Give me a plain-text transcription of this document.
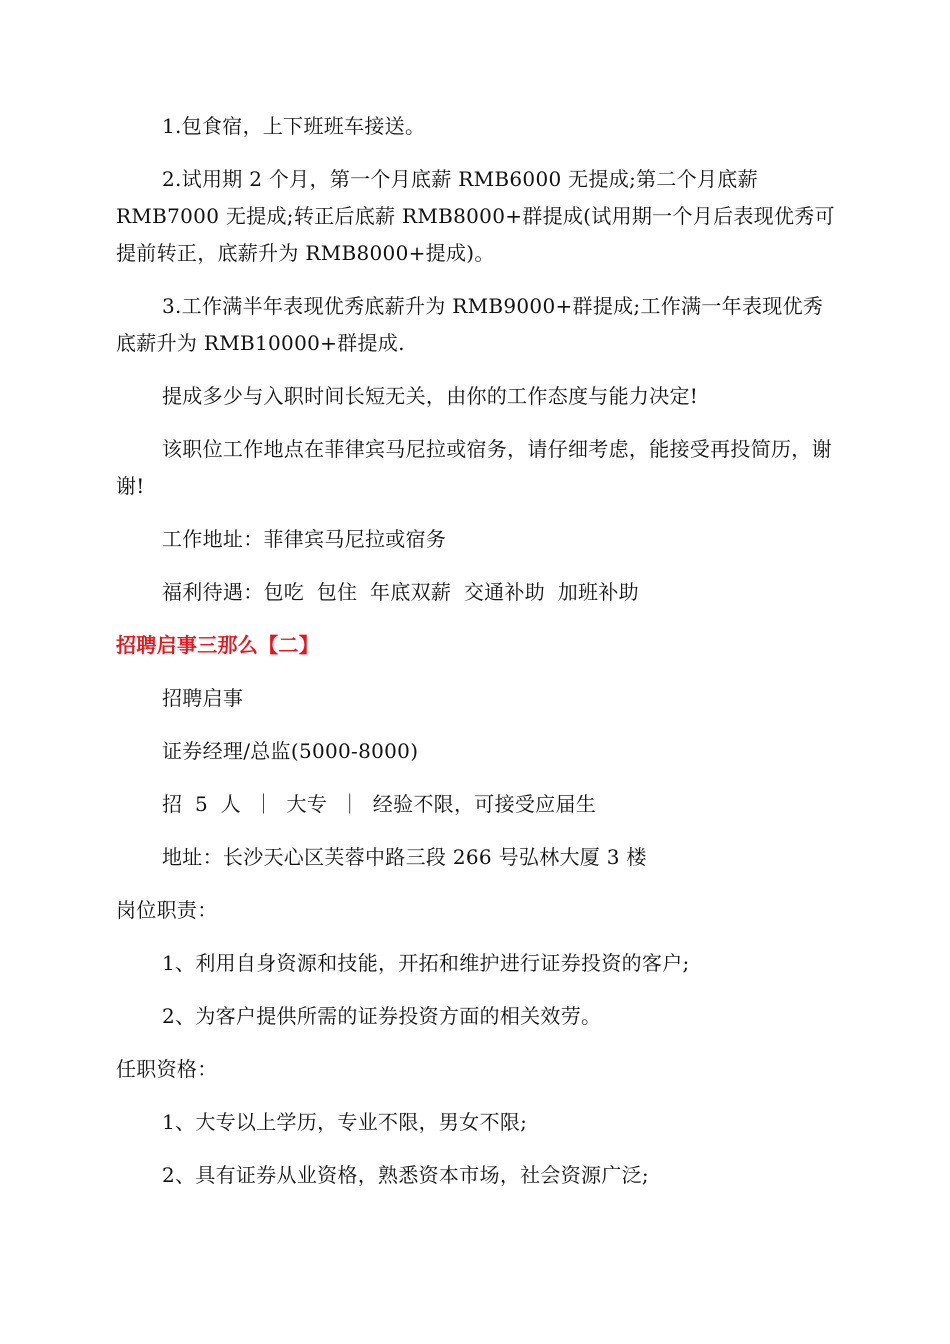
1.包食宿，上下班班车接送。

2.试用期 2 个月，第一个月底薪 RMB6000 无提成;第二个月底薪 RMB7000 无提成;转正后底薪 RMB8000+群提成(试用期一个月后表现优秀可提前转正，底薪升为 RMB8000+提成)。

3.工作满半年表现优秀底薪升为 RMB9000+群提成;工作满一年表现优秀底薪升为 RMB10000+群提成.

提成多少与入职时间长短无关，由你的工作态度与能力决定!

该职位工作地点在菲律宾马尼拉或宿务，请仔细考虑，能接受再投简历，谢谢!

工作地址：菲律宾马尼拉或宿务

福利待遇：包吃 包住 年底双薪 交通补助 加班补助

招聘启事三那么【二】

招聘启事

证券经理/总监(5000-8000)

招 5 人 ｜ 大专 ｜ 经验不限，可接受应届生

地址：长沙天心区芙蓉中路三段 266 号弘林大厦 3 楼

岗位职责：

1、利用自身资源和技能，开拓和维护进行证券投资的客户;

2、为客户提供所需的证券投资方面的相关效劳。

任职资格：

1、大专以上学历，专业不限，男女不限;

2、具有证券从业资格，熟悉资本市场，社会资源广泛;
